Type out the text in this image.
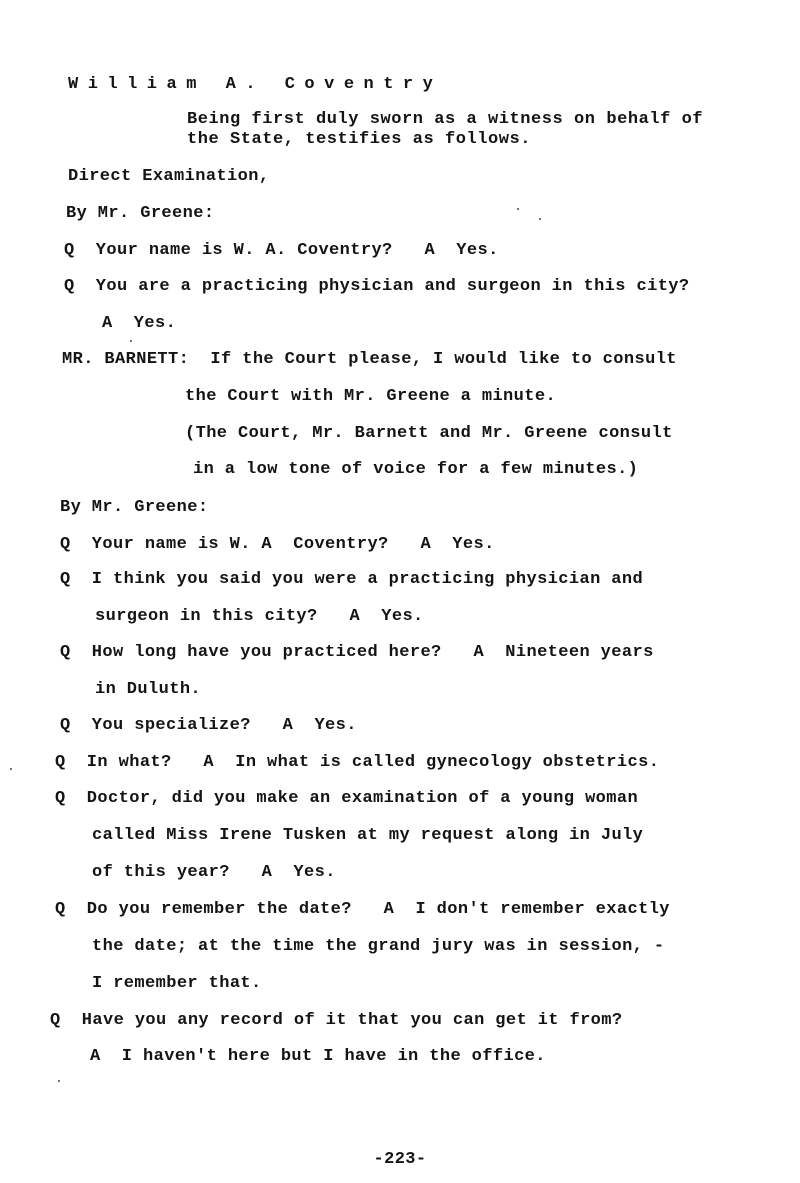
William A. Coventry
Being first duly sworn as a witness on behalf of
the State, testifies as follows.
Direct Examination,
By Mr. Greene:
Q  Your name is W. A. Coventry?   A  Yes.
Q  You are a practicing physician and surgeon in this city?
A  Yes.
MR. BARNETT:  If the Court please, I would like to consult
the Court with Mr. Greene a minute.
(The Court, Mr. Barnett and Mr. Greene consult
in a low tone of voice for a few minutes.)
By Mr. Greene:
Q  Your name is W. A  Coventry?   A  Yes.
Q  I think you said you were a practicing physician and
surgeon in this city?   A  Yes.
Q  How long have you practiced here?   A  Nineteen years
in Duluth.
Q  You specialize?   A  Yes.
Q  In what?   A  In what is called gynecology obstetrics.
Q  Doctor, did you make an examination of a young woman
called Miss Irene Tusken at my request along in July
of this year?   A  Yes.
Q  Do you remember the date?   A  I don't remember exactly
the date; at the time the grand jury was in session, -
I remember that.
Q  Have you any record of it that you can get it from?
A  I haven't here but I have in the office.
-223-
